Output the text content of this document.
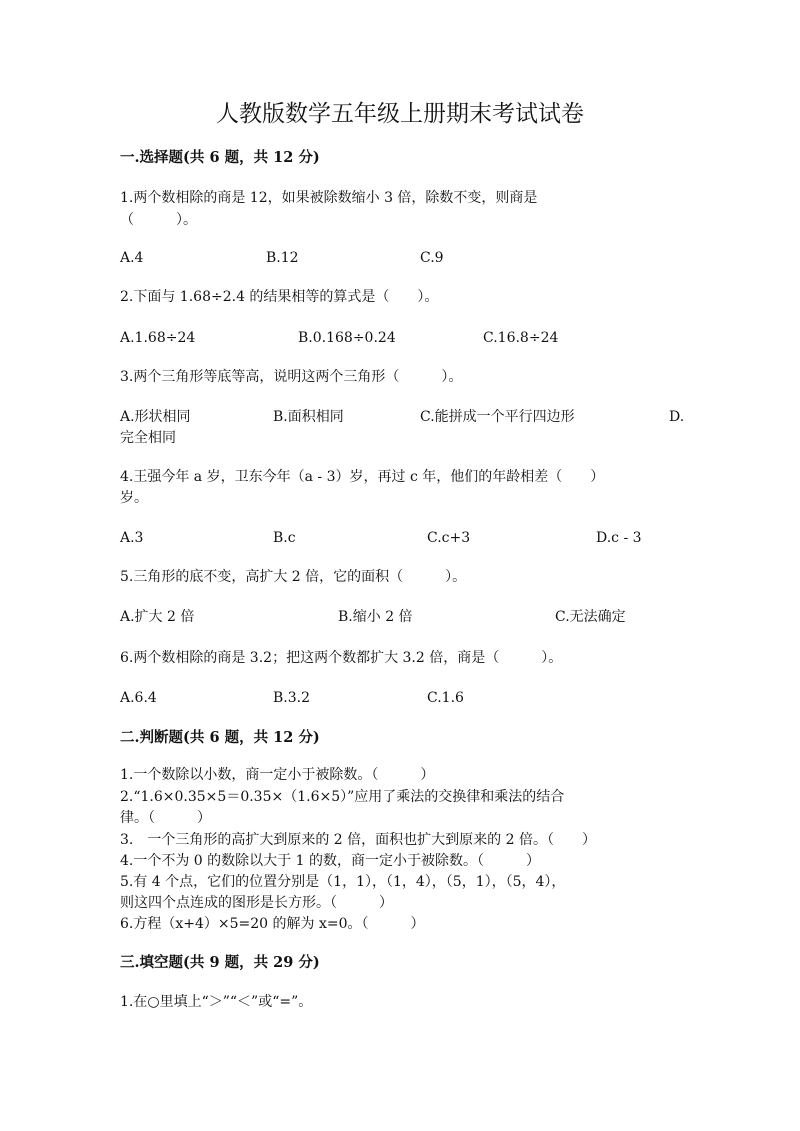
人教版数学五年级上册期末考试试卷
一.选择题(共 6 题，共 12 分)
1.两个数相除的商是 12，如果被除数缩小 3 倍，除数不变，则商是
（　　　）。
A.4	B.12	C.9
2.下面与 1.68÷2.4 的结果相等的算式是（　　）。
A.1.68÷24	B.0.168÷0.24	C.16.8÷24
3.两个三角形等底等高，说明这两个三角形（　　　）。
A.形状相同	B.面积相同	C.能拼成一个平行四边形	D.
完全相同
4.王强今年 a 岁，卫东今年（a - 3）岁，再过 c 年，他们的年龄相差（　　）
岁。
A.3	B.c	C.c+3	D.c - 3
5.三角形的底不变，高扩大 2 倍，它的面积（　　　）。
A.扩大 2 倍	B.缩小 2 倍	C.无法确定
6.两个数相除的商是 3.2；把这两个数都扩大 3.2 倍，商是（　　　）。
A.6.4	B.3.2	C.1.6
二.判断题(共 6 题，共 12 分)
1.一个数除以小数，商一定小于被除数。（　　　）
2.“1.6×0.35×5＝0.35×（1.6×5）”应用了乘法的交换律和乘法的结合
律。（　　　）
3.　一个三角形的高扩大到原来的 2 倍，面积也扩大到原来的 2 倍。（　　）
4.一个不为 0 的数除以大于 1 的数，商一定小于被除数。（　　　）
5.有 4 个点，它们的位置分别是（1，1），（1，4），（5，1），（5，4），
则这四个点连成的图形是长方形。（　　　）
6.方程（x+4）×5=20 的解为 x=0。（　　　）
三.填空题(共 9 题，共 29 分)
1.在○里填上“＞”“＜”或“=”。
